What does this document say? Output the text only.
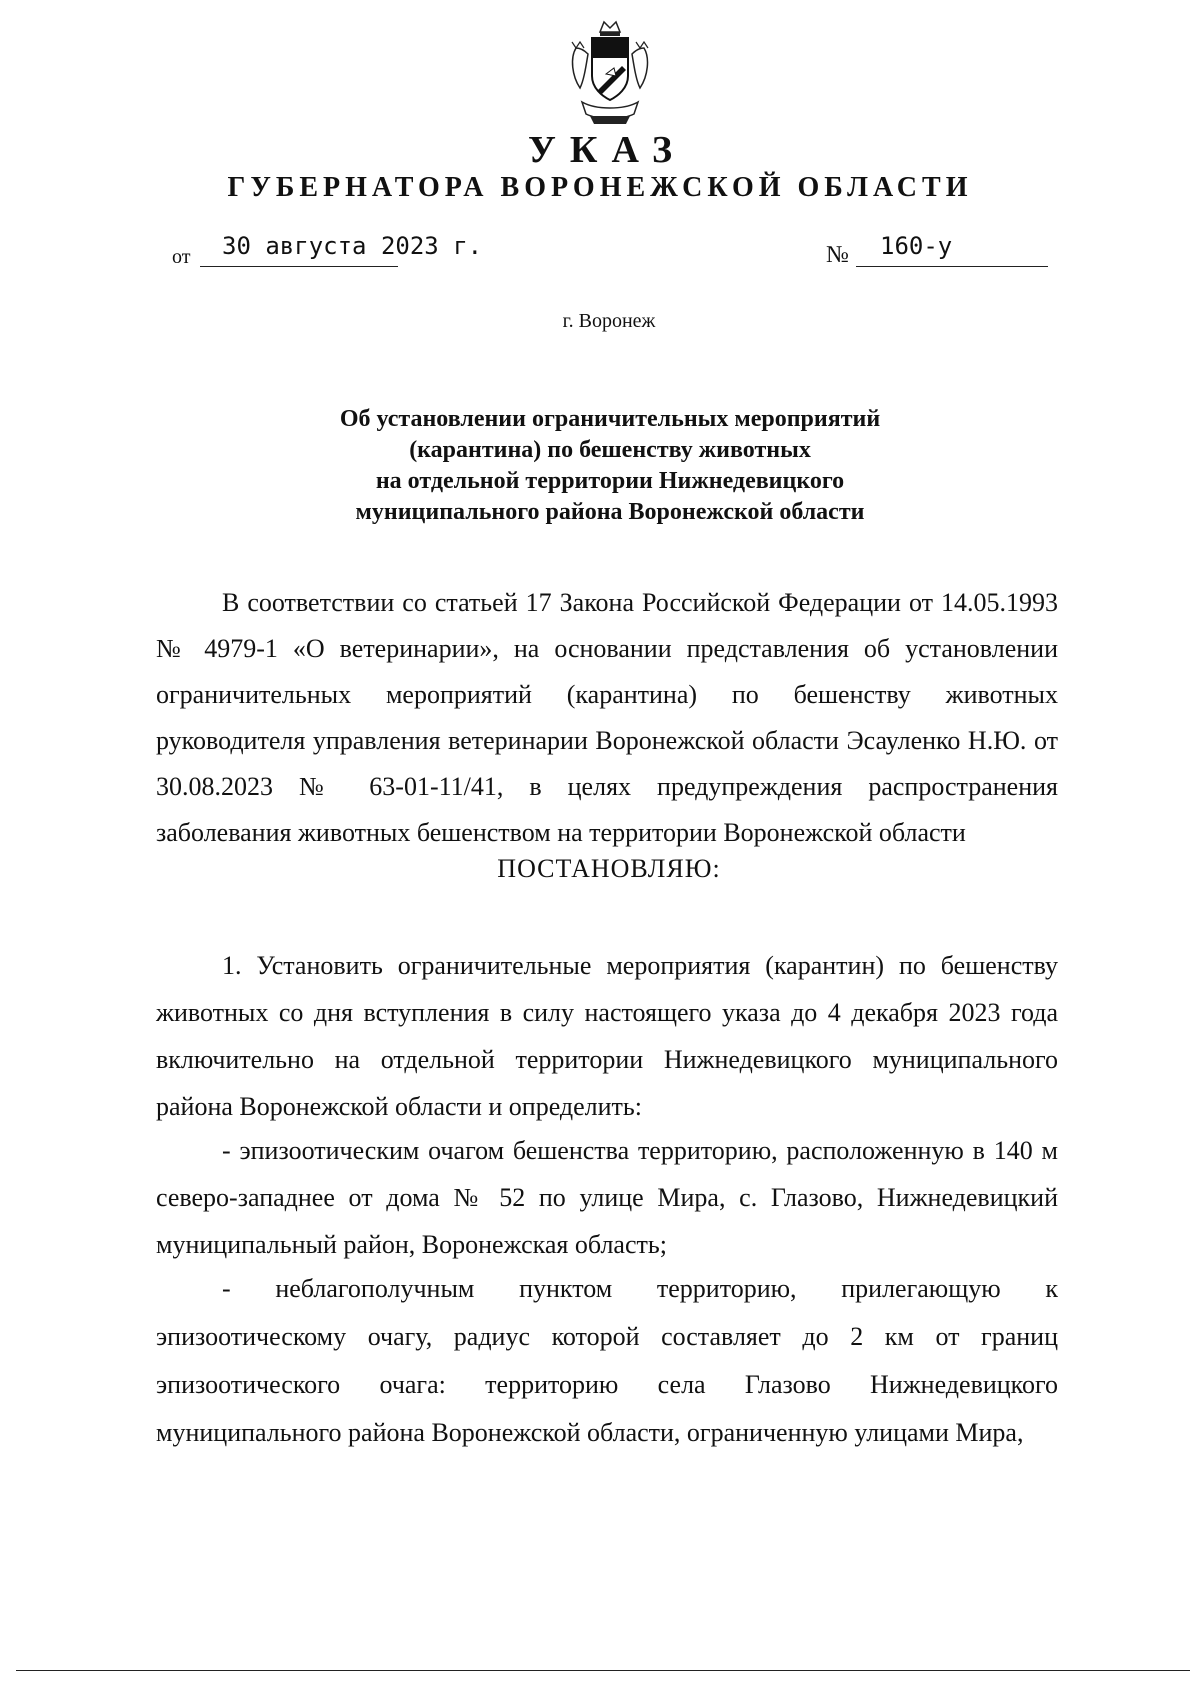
УКАЗ
ГУБЕРНАТОРА ВОРОНЕЖСКОЙ ОБЛАСТИ
от 30 августа 2023 г.	№ 160-у
г. Воронеж
Об установлении ограничительных мероприятий
(карантина) по бешенству животных
на отдельной территории Нижнедевицкого
муниципального района Воронежской области
В соответствии со статьей 17 Закона Российской Федерации от 14.05.1993 № 4979-1 «О ветеринарии», на основании представления об установлении ограничительных мероприятий (карантина) по бешенству животных руководителя управления ветеринарии Воронежской области Эсауленко Н.Ю. от 30.08.2023 № 63-01-11/41, в целях предупреждения распространения заболевания животных бешенством на территории Воронежской области
ПОСТАНОВЛЯЮ:
1. Установить ограничительные мероприятия (карантин) по бешенству животных со дня вступления в силу настоящего указа до 4 декабря 2023 года включительно на отдельной территории Нижнедевицкого муниципального района Воронежской области и определить:
- эпизоотическим очагом бешенства территорию, расположенную в 140 м северо-западнее от дома № 52 по улице Мира, с. Глазово, Нижнедевицкий муниципальный район, Воронежская область;
- неблагополучным пунктом территорию, прилегающую к эпизоотическому очагу, радиус которой составляет до 2 км от границ эпизоотического очага: территорию села Глазово Нижнедевицкого муниципального района Воронежской области, ограниченную улицами Мира,
